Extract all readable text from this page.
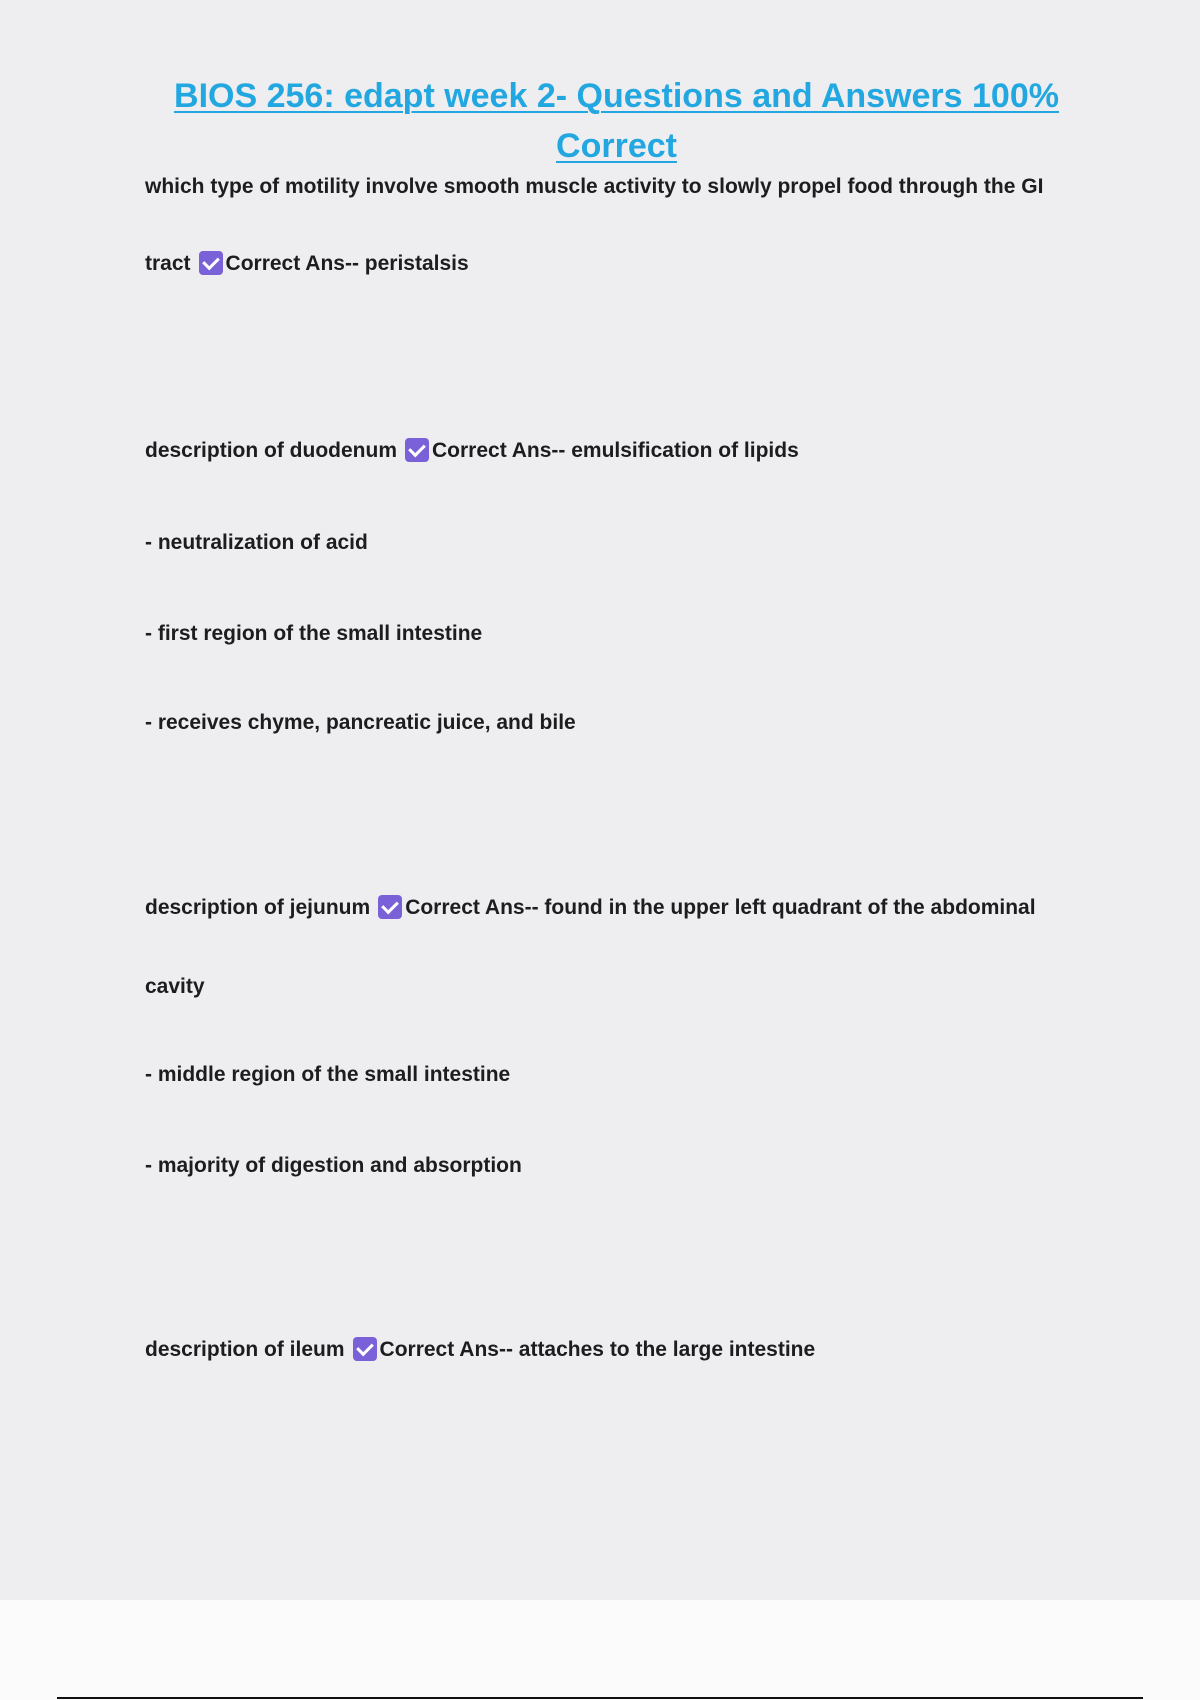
BIOS 256: edapt week 2- Questions and Answers 100%
Correct
which type of motility involve smooth muscle activity to slowly propel food through the GI
tract Correct Ans-- peristalsis
description of duodenum Correct Ans-- emulsification of lipids
- neutralization of acid
- first region of the small intestine
- receives chyme, pancreatic juice, and bile
description of jejunum Correct Ans-- found in the upper left quadrant of the abdominal
cavity
- middle region of the small intestine
- majority of digestion and absorption
description of ileum Correct Ans-- attaches to the large intestine
